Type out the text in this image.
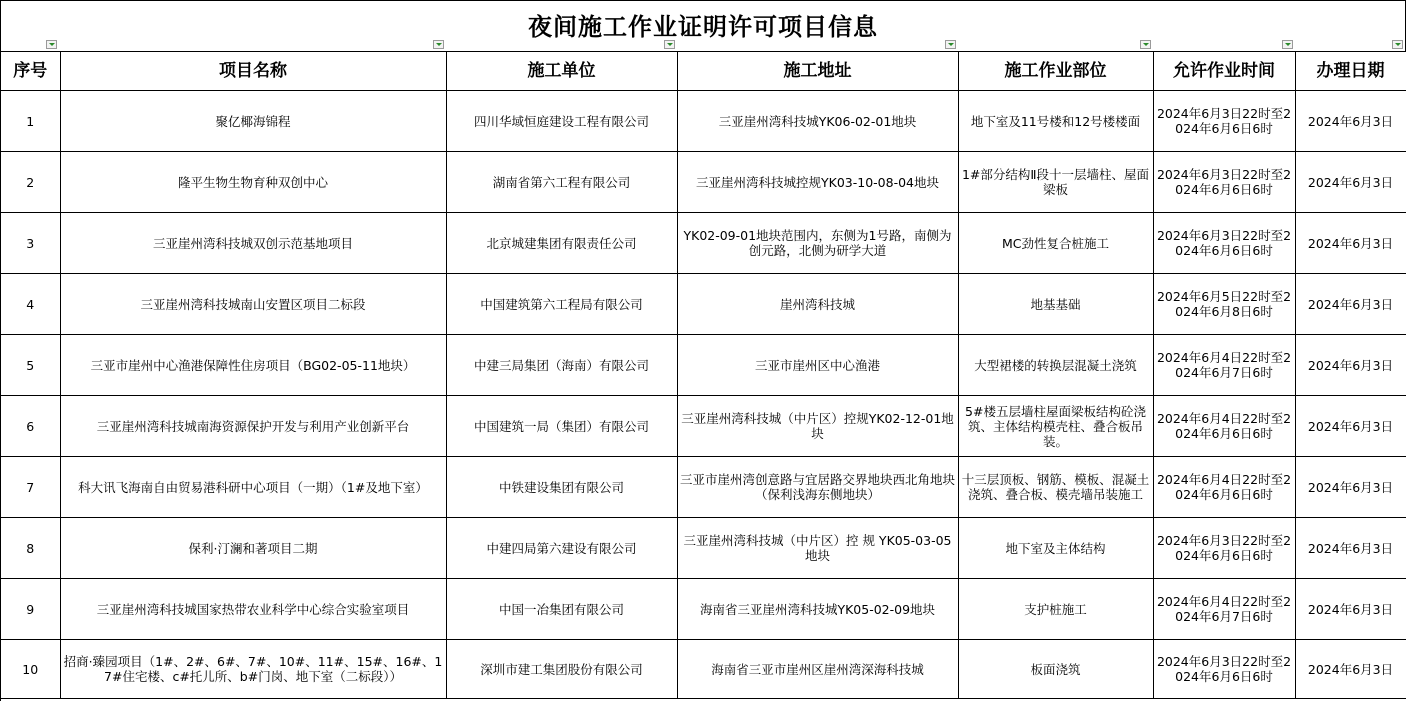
夜间施工作业证明许可项目信息
序号	项目名称	施工单位	施工地址	施工作业部位	允许作业时间	办理日期
1	聚亿椰海锦程	四川华域恒庭建设工程有限公司	三亚崖州湾科技城YK06-02-01地块	地下室及11号楼和12号楼楼面	2024年6月3日22时至2024年6月6日6时	2024年6月3日
2	隆平生物生物育种双创中心	湖南省第六工程有限公司	三亚崖州湾科技城控规YK03-10-08-04地块	1#部分结构Ⅱ段十一层墙柱、屋面梁板	2024年6月3日22时至2024年6月6日6时	2024年6月3日
3	三亚崖州湾科技城双创示范基地项目	北京城建集团有限责任公司	YK02-09-01地块范围内，东侧为1号路，南侧为创元路，北侧为研学大道	MC劲性复合桩施工	2024年6月3日22时至2024年6月6日6时	2024年6月3日
4	三亚崖州湾科技城南山安置区项目二标段	中国建筑第六工程局有限公司	崖州湾科技城	地基基础	2024年6月5日22时至2024年6月8日6时	2024年6月3日
5	三亚市崖州中心渔港保障性住房项目（BG02-05-11地块）	中建三局集团（海南）有限公司	三亚市崖州区中心渔港	大型裙楼的转换层混凝土浇筑	2024年6月4日22时至2024年6月7日6时	2024年6月3日
6	三亚崖州湾科技城南海资源保护开发与利用产业创新平台	中国建筑一局（集团）有限公司	三亚崖州湾科技城（中片区）控规YK02-12-01地块	5#楼五层墙柱屋面梁板结构砼浇筑、主体结构模壳柱、叠合板吊装。	2024年6月4日22时至2024年6月6日6时	2024年6月3日
7	科大讯飞海南自由贸易港科研中心项目（一期）（1#及地下室）	中铁建设集团有限公司	三亚市崖州湾创意路与宜居路交界地块西北角地块（保利浅海东侧地块）	十三层顶板、钢筋、模板、混凝土浇筑、叠合板、模壳墙吊装施工	2024年6月4日22时至2024年6月6日6时	2024年6月3日
8	保利·汀澜和著项目二期	中建四局第六建设有限公司	三亚崖州湾科技城（中片区）控 规 YK05-03-05 地块	地下室及主体结构	2024年6月3日22时至2024年6月6日6时	2024年6月3日
9	三亚崖州湾科技城国家热带农业科学中心综合实验室项目	中国一冶集团有限公司	海南省三亚崖州湾科技城YK05-02-09地块	支护桩施工	2024年6月4日22时至2024年6月7日6时	2024年6月3日
10	招商·臻园项目（1#、2#、6#、7#、10#、11#、15#、16#、17#住宅楼、c#托儿所、b#门岗、地下室（二标段））	深圳市建工集团股份有限公司	海南省三亚市崖州区崖州湾深海科技城	板面浇筑	2024年6月3日22时至2024年6月6日6时	2024年6月3日
